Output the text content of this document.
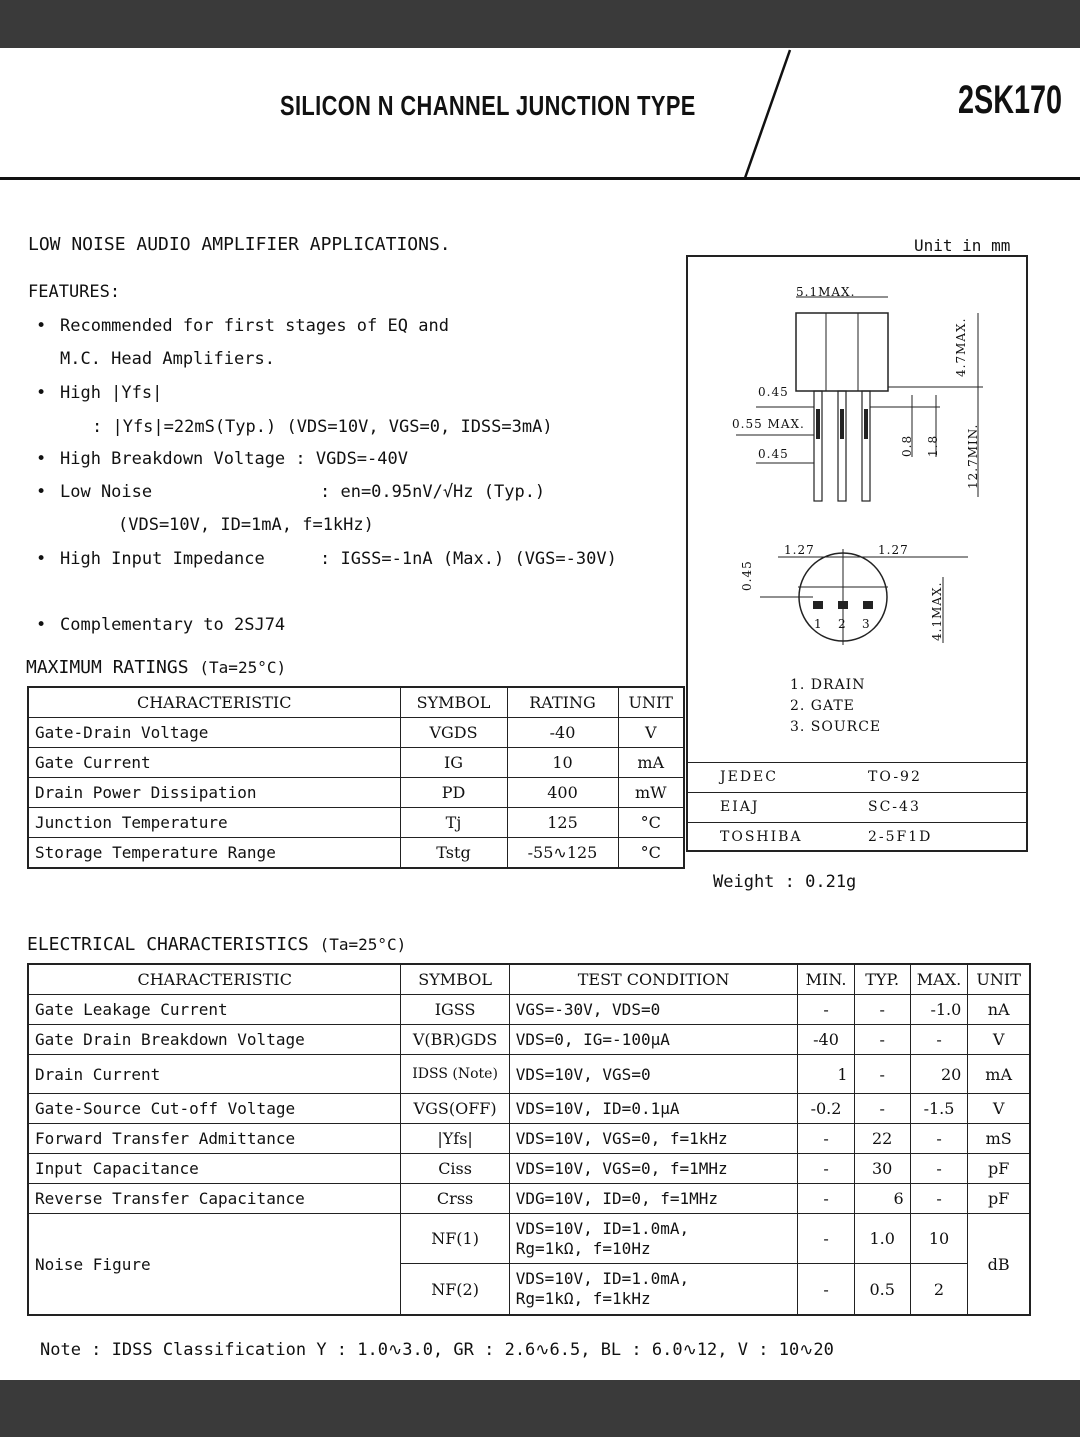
SILICON N CHANNEL JUNCTION TYPE	2SK170
LOW NOISE AUDIO AMPLIFIER APPLICATIONS.	Unit in mm
FEATURES:
• Recommended for first stages of EQ and
M.C. Head Amplifiers.
• High |Yfs|
: |Yfs|=22mS(Typ.) (VDS=10V, VGS=0, IDSS=3mA)
• High Breakdown Voltage : VGDS=-40V
• Low Noise	: en=0.95nV/√Hz (Typ.)
(VDS=10V, ID=1mA, f=1kHz)
• High Input Impedance	: IGSS=-1nA (Max.) (VGS=-30V)
• Complementary to 2SJ74
MAXIMUM RATINGS (Ta=25°C)
CHARACTERISTIC	SYMBOL	RATING	UNIT
Gate-Drain Voltage	VGDS	-40	V
Gate Current	IG	10	mA
Drain Power Dissipation	PD	400	mW
Junction Temperature	Tj	125	°C
Storage Temperature Range	Tstg	-55∿125	°C
5.1MAX.
4.7MAX.
0.45
0.55 MAX.
0.45	0.8 1.8 12.7MIN.
1.27	1.27
0.45
4.1MAX.
1 2 3
1. DRAIN
2. GATE
3. SOURCE
JEDEC	TO-92
EIAJ	SC-43
TOSHIBA	2-5F1D
Weight : 0.21g
ELECTRICAL CHARACTERISTICS (Ta=25°C)
CHARACTERISTIC	SYMBOL	TEST CONDITION	MIN.	TYP.	MAX.	UNIT
Gate Leakage Current	IGSS	VGS=-30V, VDS=0	-	-	-1.0	nA
Gate Drain Breakdown Voltage	V(BR)GDS	VDS=0, IG=-100μA	-40	-	-	V
Drain Current	IDSS (Note)	VDS=10V, VGS=0	1	-	20	mA
Gate-Source Cut-off Voltage	VGS(OFF)	VDS=10V, ID=0.1μA	-0.2	-	-1.5	V
Forward Transfer Admittance	|Yfs|	VDS=10V, VGS=0, f=1kHz	-	22	-	mS
Input Capacitance	Ciss	VDS=10V, VGS=0, f=1MHz	-	30	-	pF
Reverse Transfer Capacitance	Crss	VDG=10V, ID=0, f=1MHz	-	6	-	pF
Noise Figure	NF(1)	VDS=10V, ID=1.0mA,
Rg=1kΩ, f=10Hz	-	1.0	10	dB
	NF(2)	VDS=10V, ID=1.0mA,
Rg=1kΩ, f=1kHz	-	0.5	2	
Note : IDSS Classification Y : 1.0∿3.0, GR : 2.6∿6.5, BL : 6.0∿12, V : 10∿20
